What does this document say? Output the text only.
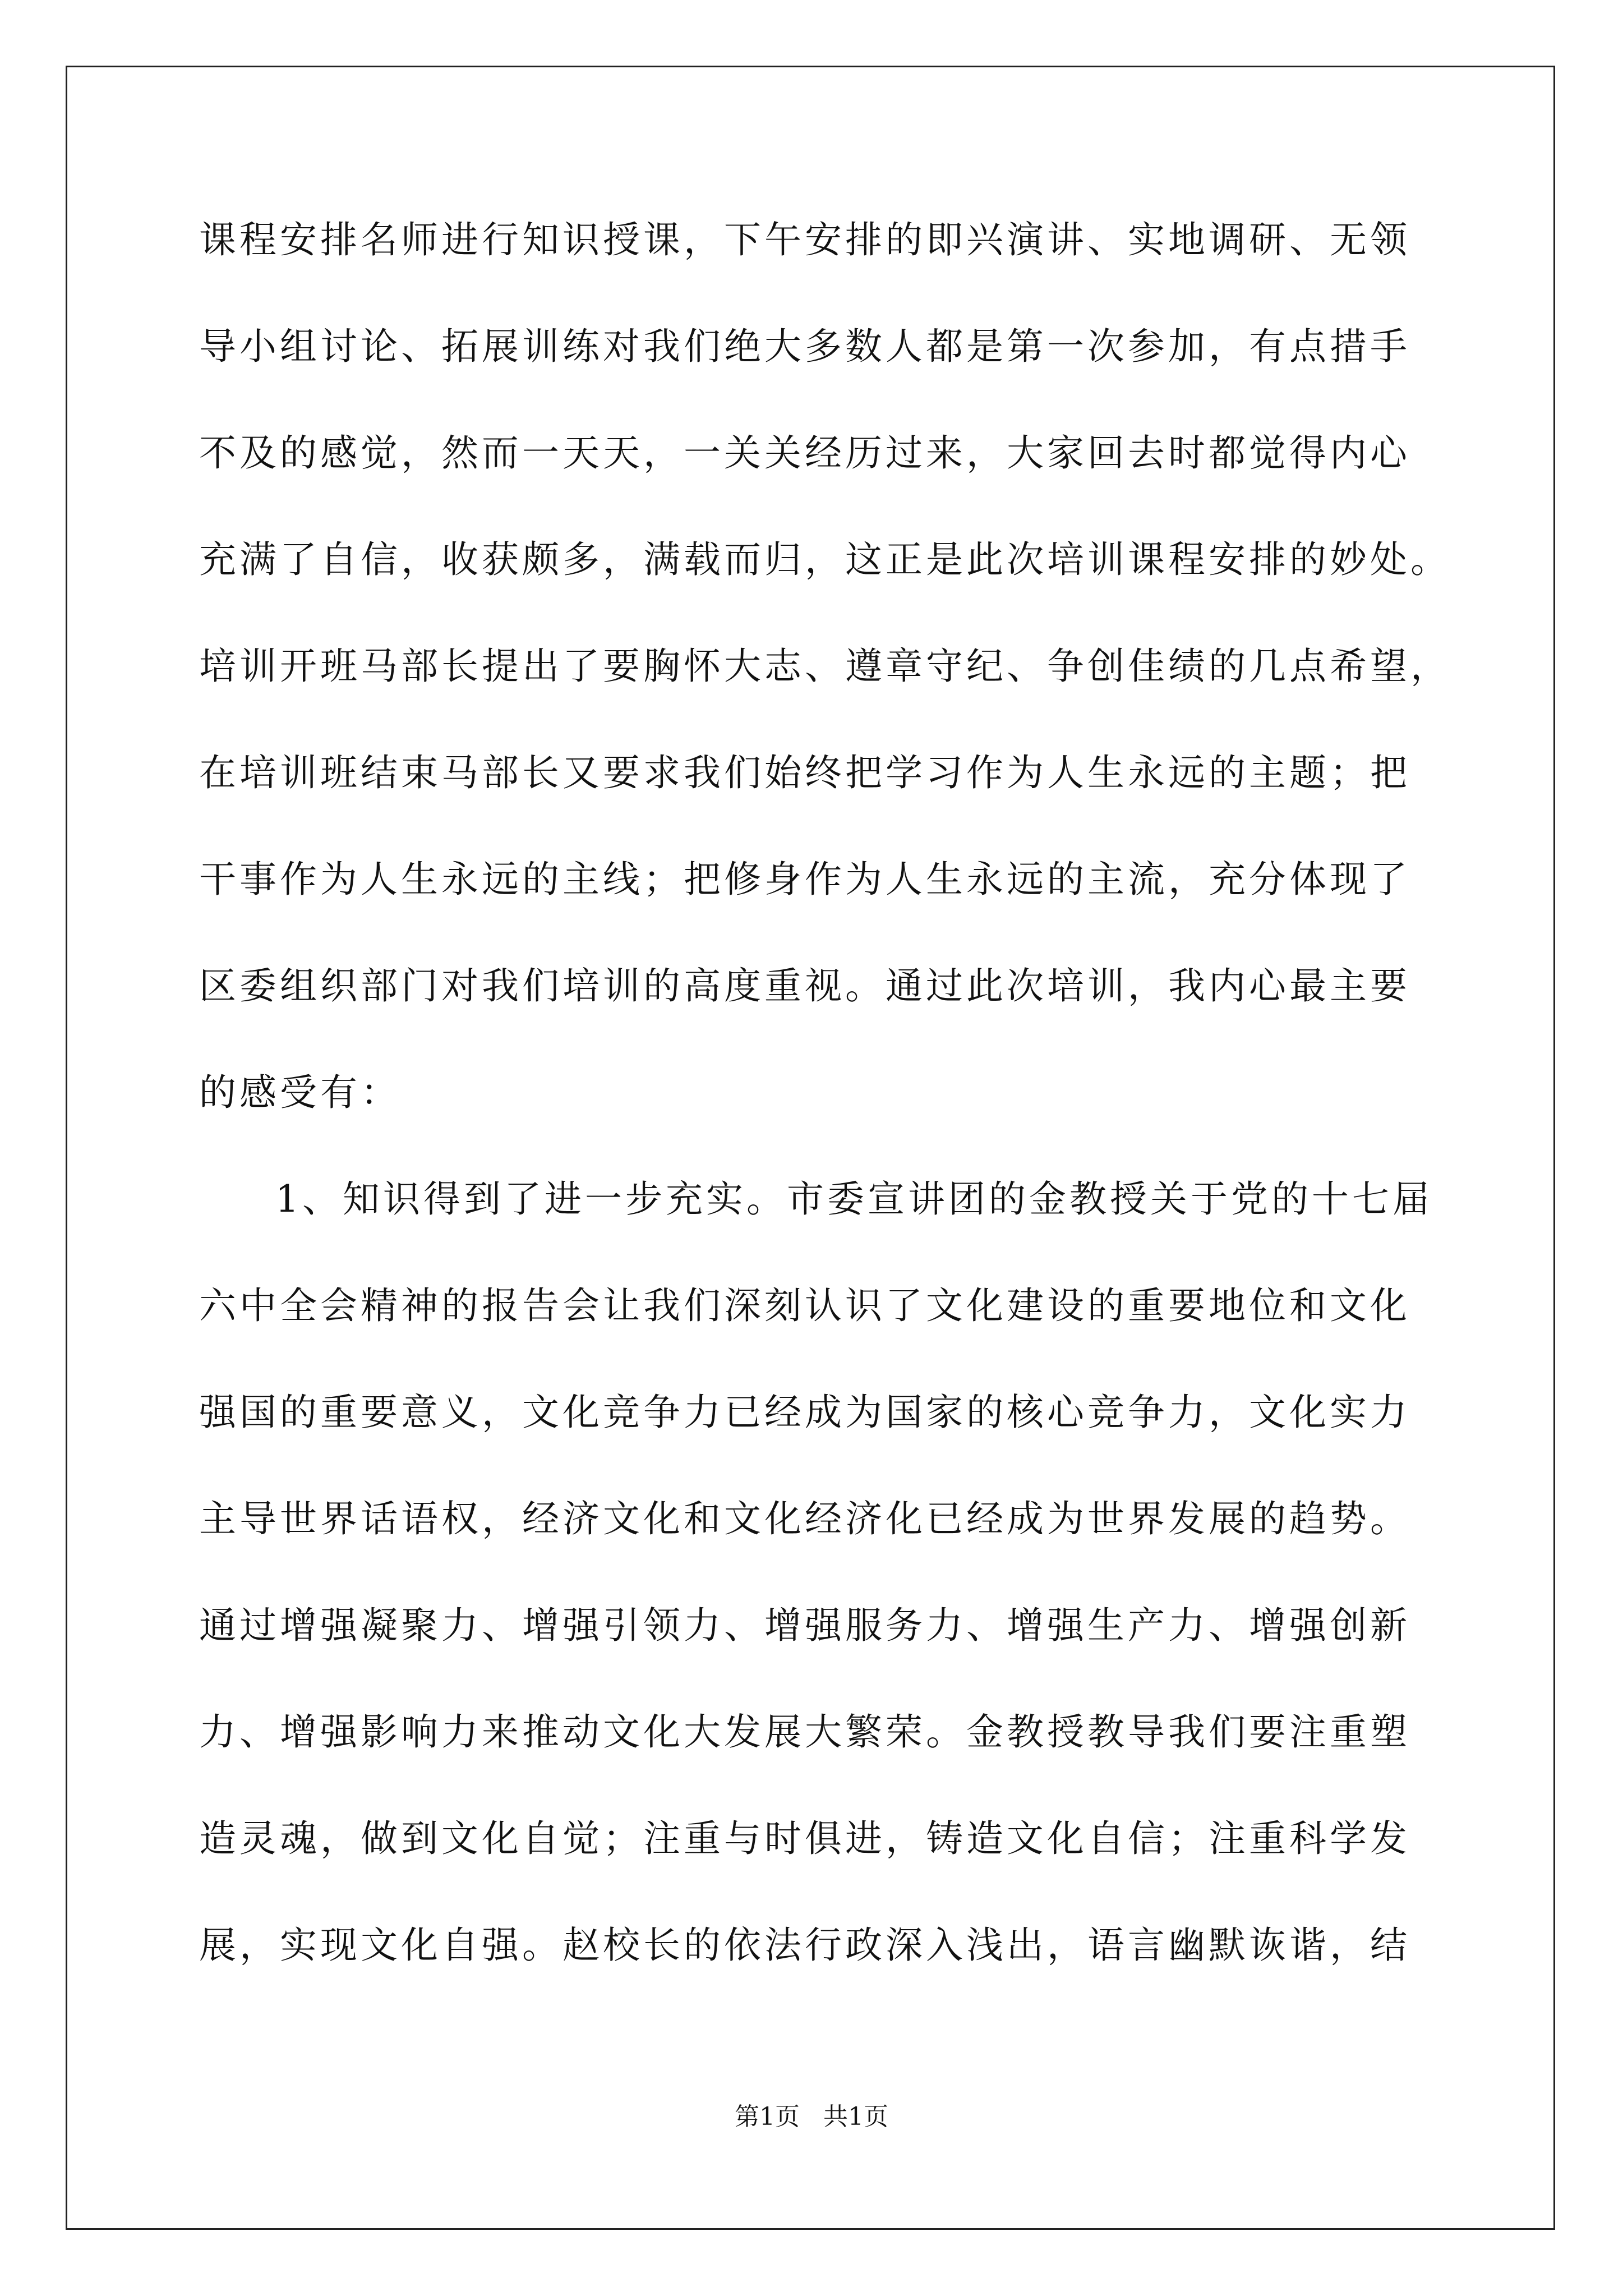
课程安排名师进行知识授课，下午安排的即兴演讲、实地调研、无领
导小组讨论、拓展训练对我们绝大多数人都是第一次参加，有点措手
不及的感觉，然而一天天，一关关经历过来，大家回去时都觉得内心
充满了自信，收获颇多，满载而归，这正是此次培训课程安排的妙处。
培训开班马部长提出了要胸怀大志、遵章守纪、争创佳绩的几点希望，
在培训班结束马部长又要求我们始终把学习作为人生永远的主题；把
干事作为人生永远的主线；把修身作为人生永远的主流，充分体现了
区委组织部门对我们培训的高度重视。通过此次培训，我内心最主要
的感受有：
1、知识得到了进一步充实。市委宣讲团的金教授关于党的十七届
六中全会精神的报告会让我们深刻认识了文化建设的重要地位和文化
强国的重要意义，文化竞争力已经成为国家的核心竞争力，文化实力
主导世界话语权，经济文化和文化经济化已经成为世界发展的趋势。
通过增强凝聚力、增强引领力、增强服务力、增强生产力、增强创新
力、增强影响力来推动文化大发展大繁荣。金教授教导我们要注重塑
造灵魂，做到文化自觉；注重与时俱进，铸造文化自信；注重科学发
展，实现文化自强。赵校长的依法行政深入浅出，语言幽默诙谐，结
第1页   共1页
